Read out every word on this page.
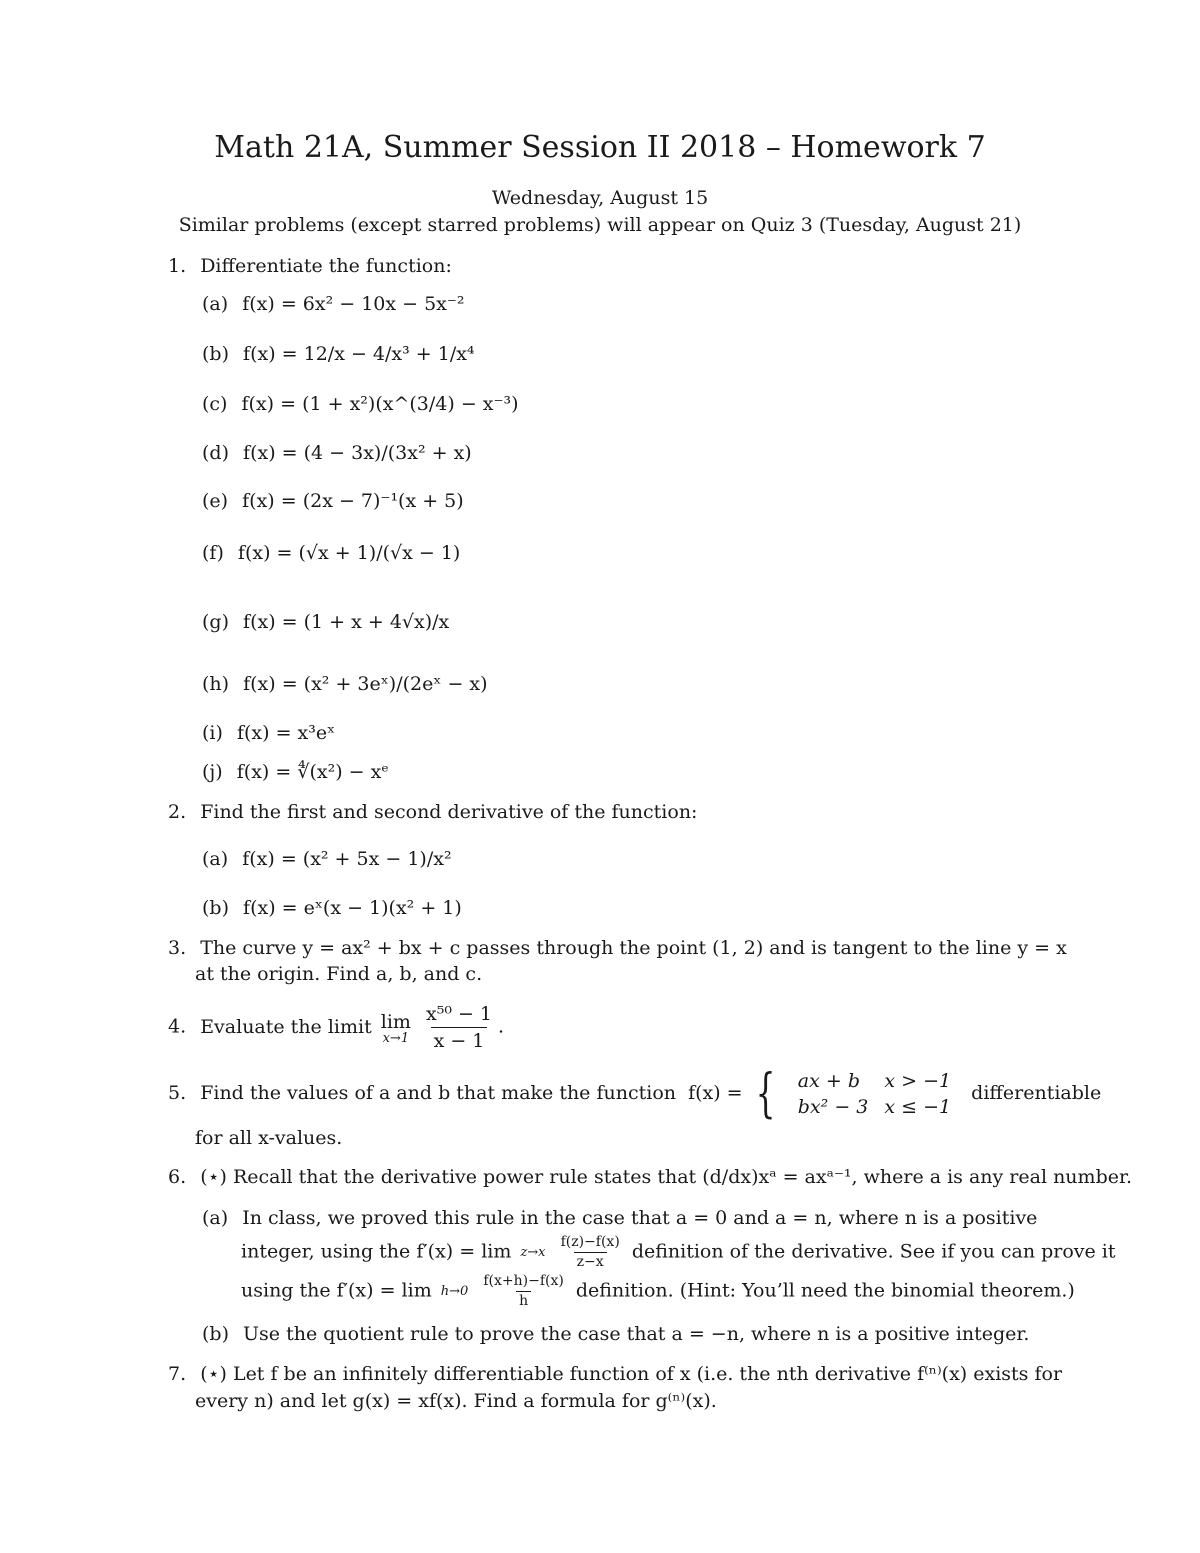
Math 21A, Summer Session II 2018 – Homework 7
Wednesday, August 15
Similar problems (except starred problems) will appear on Quiz 3 (Tuesday, August 21)
1. Differentiate the function:
(a) f(x) = 6x² − 10x − 5x⁻²
(b) f(x) = 12/x − 4/x³ + 1/x⁴
(c) f(x) = (1 + x²)(x^(3/4) − x⁻³)
(d) f(x) = (4 − 3x)/(3x² + x)
(e) f(x) = (2x − 7)⁻¹(x + 5)
(f) f(x) = (√x + 1)/(√x − 1)
(g) f(x) = (1 + x + 4√x)/x
(h) f(x) = (x² + 3eˣ)/(2eˣ − x)
(i) f(x) = x³eˣ
(j) f(x) = ∜(x²) − xᵉ
2. Find the first and second derivative of the function:
(a) f(x) = (x² + 5x − 1)/x²
(b) f(x) = eˣ(x − 1)(x² + 1)
3. The curve y = ax² + bx + c passes through the point (1, 2) and is tangent to the line y = x
at the origin. Find a, b, and c.
4. Evaluate the limit lim
x→1
$\frac{\text{x⁵⁰ − 1}}{x - 1}$ .
5. Find the values of a and b that make the function f(x) = { ax + b	x > −1
bx² − 3	x ≤ −1
differentiable
for all x-values.
6. (⋆) Recall that the derivative power rule states that (d/dx)xᵃ = axᵃ⁻¹, where a is any real number.
(a) In class, we proved this rule in the case that a = 0 and a = n, where n is a positive
integer, using the f′(x) = lim z→x
$\frac{f(z)-f(x)}{z-x}$ definition of the derivative. See if you can prove it
using the f′(x) = lim h→0
$\frac{f(x+h)-f(x)}{h}$ definition. (Hint: You’ll need the binomial theorem.)
(b) Use the quotient rule to prove the case that a = −n, where n is a positive integer.
7. (⋆) Let f be an infinitely differentiable function of x (i.e. the nth derivative f⁽ⁿ⁾(x) exists for
every n) and let g(x) = xf(x). Find a formula for g⁽ⁿ⁾(x).
